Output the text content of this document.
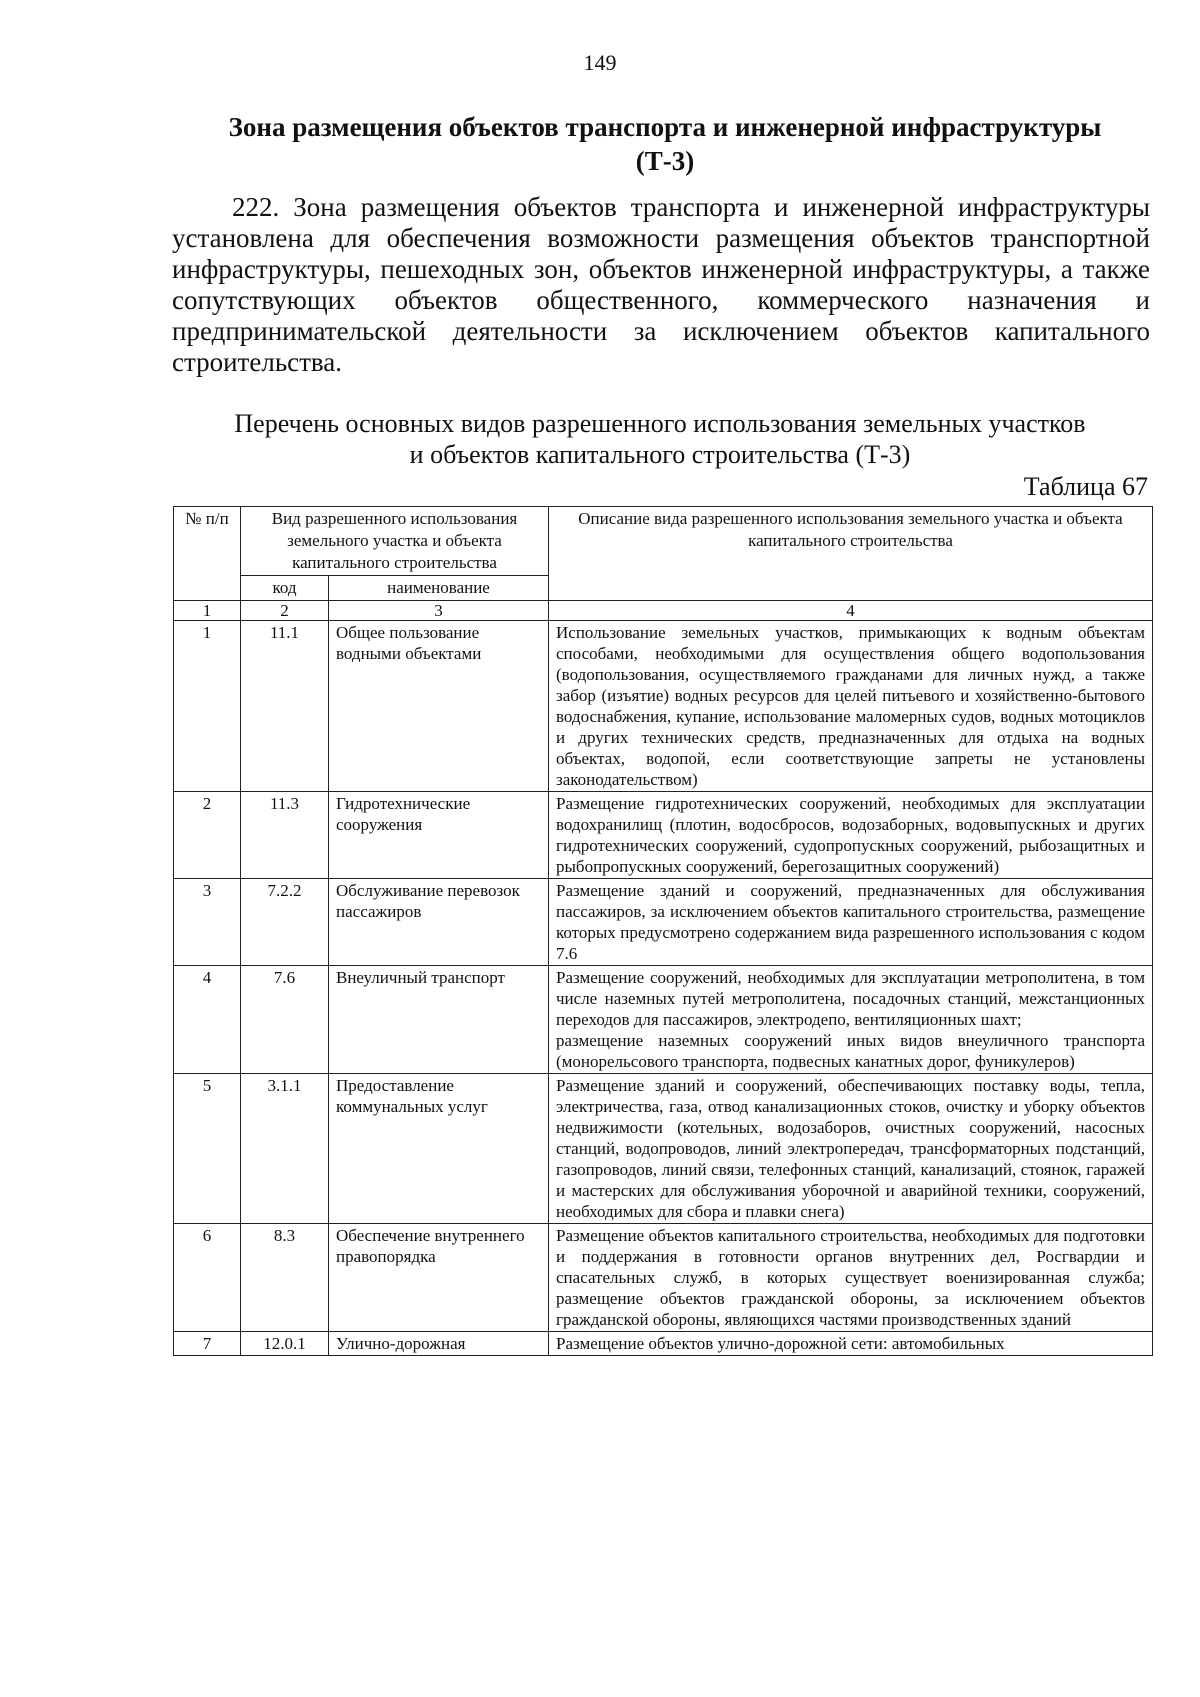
149
Зона размещения объектов транспорта и инженерной инфраструктуры
(Т-3)
222. Зона размещения объектов транспорта и инженерной инфраструктуры установлена для обеспечения возможности размещения объектов транспортной инфраструктуры, пешеходных зон, объектов инженерной инфраструктуры, а также сопутствующих объектов общественного, коммерческого назначения и предпринимательской деятельности за исключением объектов капитального строительства.
Перечень основных видов разрешенного использования земельных участков
и объектов капитального строительства (Т-3)
Таблица 67
№ п/п	Вид разрешенного использования земельного участка и объекта капитального строительства		Описание вида разрешенного использования земельного участка и объекта капитального строительства
	код	наименование	
1	2	3	4
1	11.1	Общее пользование водными объектами	Использование земельных участков, примыкающих к водным объектам способами, необходимыми для осуществления общего водопользования (водопользования, осуществляемого гражданами для личных нужд, а также забор (изъятие) водных ресурсов для целей питьевого и хозяйственно-бытового водоснабжения, купание, использование маломерных судов, водных мотоциклов и других технических средств, предназначенных для отдыха на водных объектах, водопой, если соответствующие запреты не установлены законодательством)
2	11.3	Гидротехнические сооружения	Размещение гидротехнических сооружений, необходимых для эксплуатации водохранилищ (плотин, водосбросов, водозаборных, водовыпускных и других гидротехнических сооружений, судопропускных сооружений, рыбозащитных и рыбопропускных сооружений, берегозащитных сооружений)
3	7.2.2	Обслуживание перевозок пассажиров	Размещение зданий и сооружений, предназначенных для обслуживания пассажиров, за исключением объектов капитального строительства, размещение которых предусмотрено содержанием вида разрешенного использования с кодом 7.6
4	7.6	Внеуличный транспорт	Размещение сооружений, необходимых для эксплуатации метрополитена, в том числе наземных путей метрополитена, посадочных станций, межстанционных переходов для пассажиров, электродепо, вентиляционных шахт;
размещение наземных сооружений иных видов внеуличного транспорта (монорельсового транспорта, подвесных канатных дорог, фуникулеров)

5	3.1.1	Предоставление коммунальных услуг	Размещение зданий и сооружений, обеспечивающих поставку воды, тепла, электричества, газа, отвод канализационных стоков, очистку и уборку объектов недвижимости (котельных, водозаборов, очистных сооружений, насосных станций, водопроводов, линий электропередач, трансформаторных подстанций, газопроводов, линий связи, телефонных станций, канализаций, стоянок, гаражей и мастерских для обслуживания уборочной и аварийной техники, сооружений, необходимых для сбора и плавки снега)
6	8.3	Обеспечение внутреннего правопорядка	Размещение объектов капитального строительства, необходимых для подготовки и поддержания в готовности органов внутренних дел, Росгвардии и спасательных служб, в которых существует военизированная служба; размещение объектов гражданской обороны, за исключением объектов гражданской обороны, являющихся частями производственных зданий
7	12.0.1	Улично-дорожная	Размещение объектов улично-дорожной сети: автомобильных
